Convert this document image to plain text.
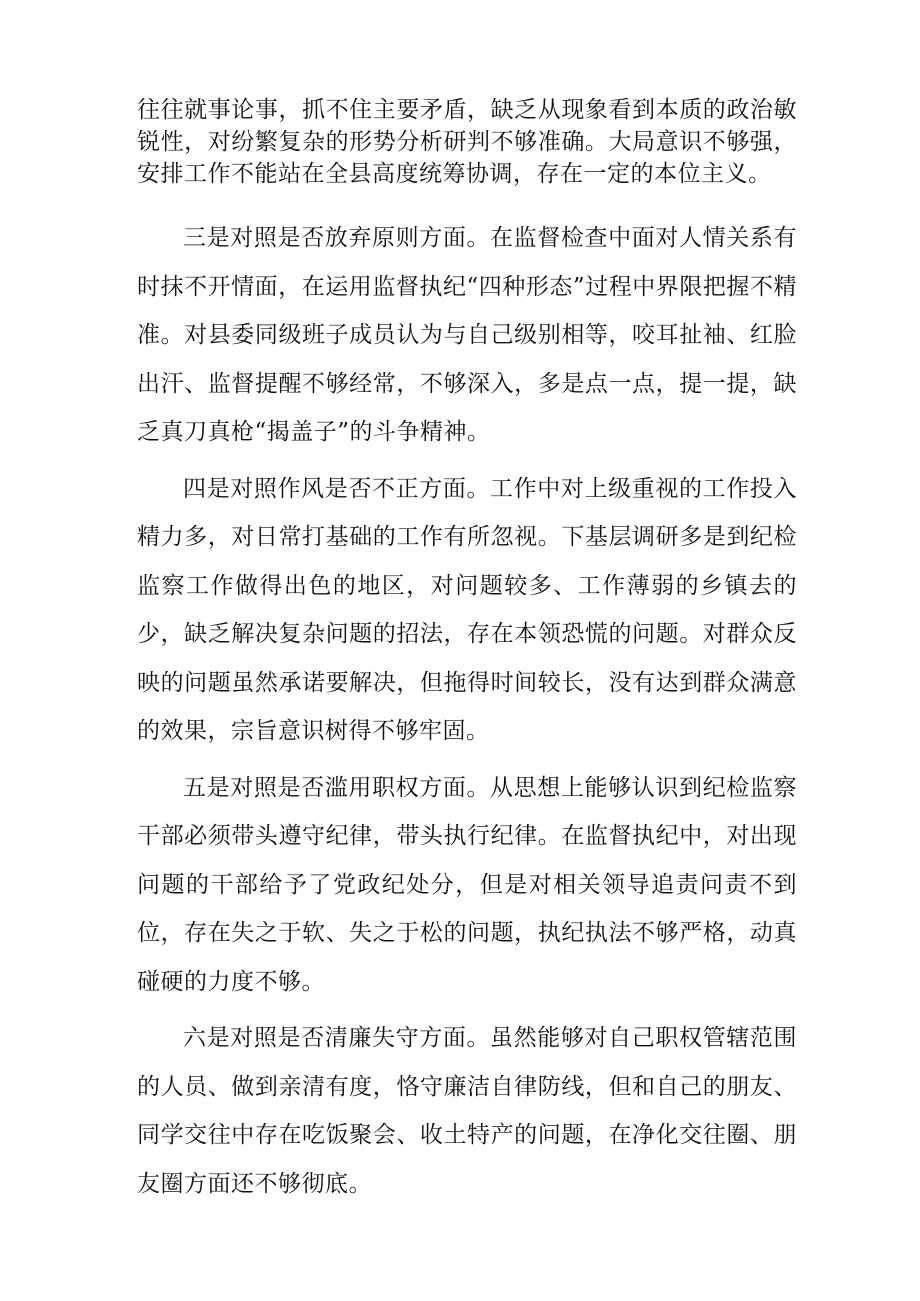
往往就事论事，抓不住主要矛盾，缺乏从现象看到本质的政治敏锐性，对纷繁复杂的形势分析研判不够准确。大局意识不够强，安排工作不能站在全县高度统筹协调，存在一定的本位主义。

三是对照是否放弃原则方面。在监督检查中面对人情关系有时抹不开情面，在运用监督执纪“四种形态”过程中界限把握不精准。对县委同级班子成员认为与自己级别相等，咬耳扯袖、红脸出汗、监督提醒不够经常，不够深入，多是点一点，提一提，缺乏真刀真枪“揭盖子”的斗争精神。

四是对照作风是否不正方面。工作中对上级重视的工作投入精力多，对日常打基础的工作有所忽视。下基层调研多是到纪检监察工作做得出色的地区，对问题较多、工作薄弱的乡镇去的少，缺乏解决复杂问题的招法，存在本领恐慌的问题。对群众反映的问题虽然承诺要解决，但拖得时间较长，没有达到群众满意的效果，宗旨意识树得不够牢固。

五是对照是否滥用职权方面。从思想上能够认识到纪检监察干部必须带头遵守纪律，带头执行纪律。在监督执纪中，对出现问题的干部给予了党政纪处分，但是对相关领导追责问责不到位，存在失之于软、失之于松的问题，执纪执法不够严格，动真碰硬的力度不够。

六是对照是否清廉失守方面。虽然能够对自己职权管辖范围的人员、做到亲清有度，恪守廉洁自律防线，但和自己的朋友、同学交往中存在吃饭聚会、收土特产的问题，在净化交往圈、朋友圈方面还不够彻底。
